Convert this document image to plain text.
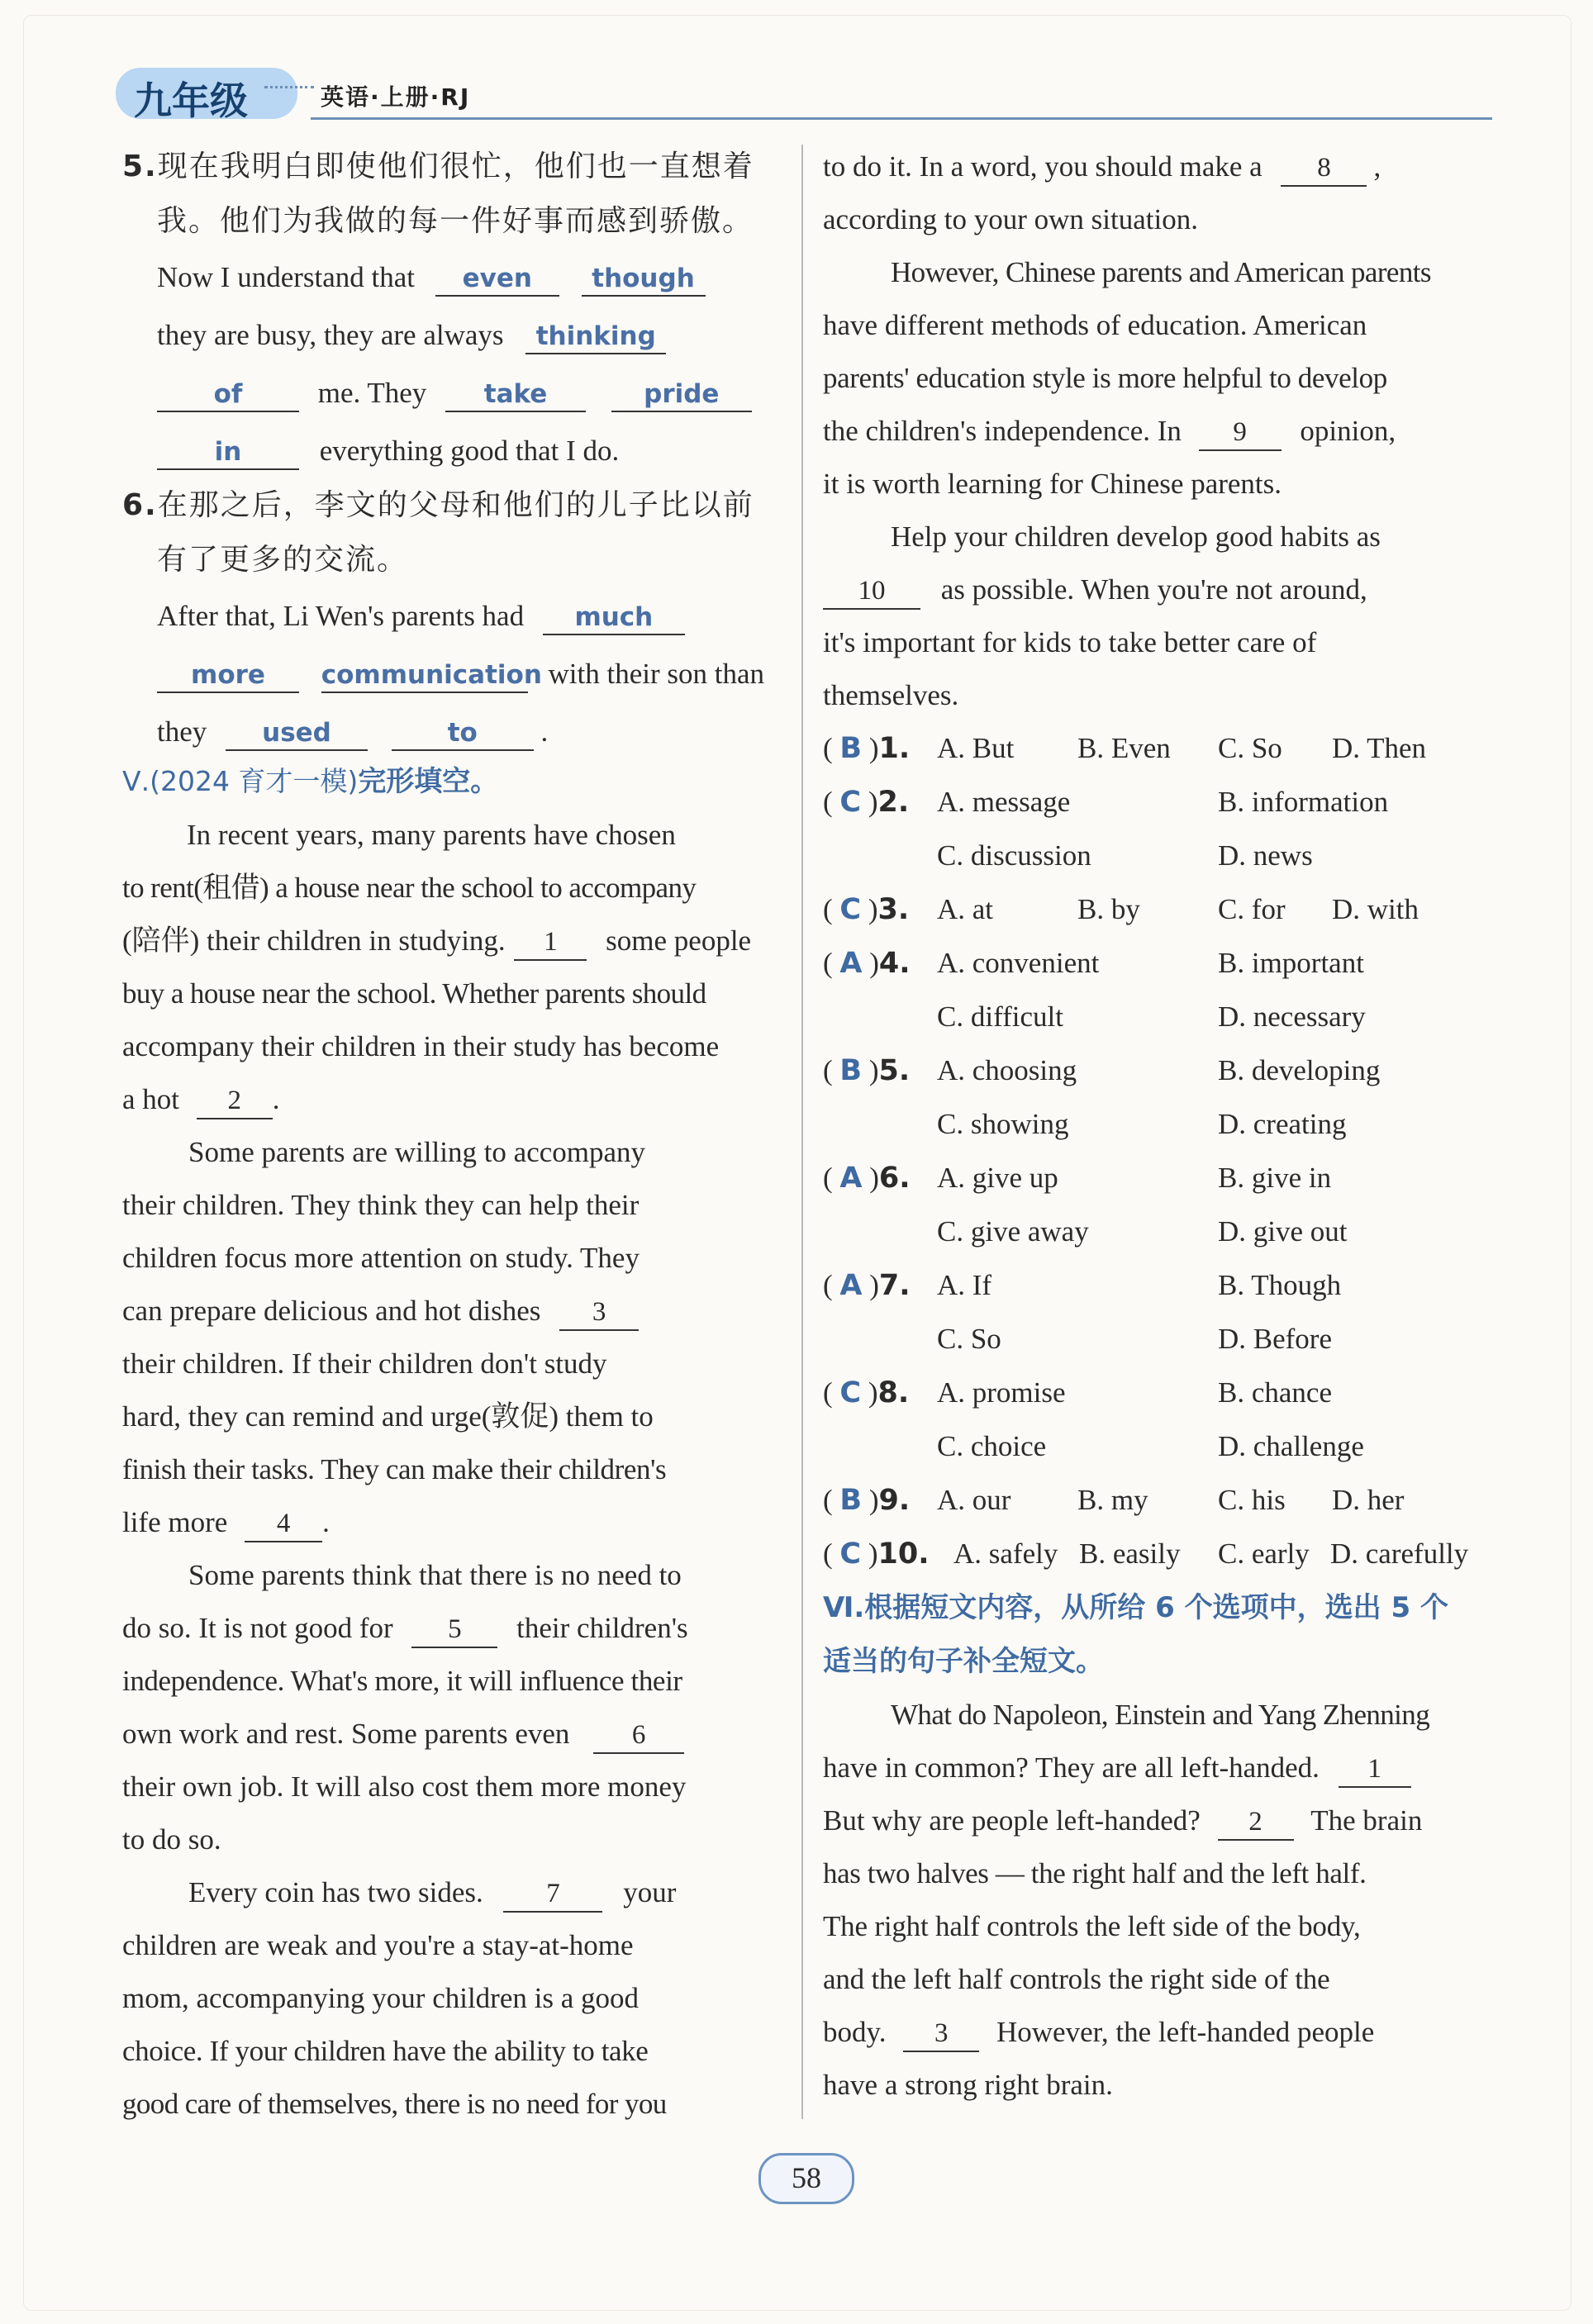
九年级	英语·上册·RJ
5.现在我明白即使他们很忙，他们也一直想着
我。他们为我做的每一件好事而感到骄傲。
Now I understand that even though
they are busy, they are always thinking
of	me. They take	pride
in	everything good that I do.
6.在那之后，李文的父母和他们的儿子比以前
有了更多的交流。
After that, Li Wen's parents had much
more communication with their son than
they used	to .
Ⅴ.(2024 育才一模)完形填空。
In recent years, many parents have chosen
to rent(租借) a house near the school to accompany
(陪伴) their children in studying. 1 some people
buy a house near the school. Whether parents should
accompany their children in their study has become
a hot 2 .
Some parents are willing to accompany
their children. They think they can help their
children focus more attention on study. They
can prepare delicious and hot dishes 3
their children. If their children don't study
hard, they can remind and urge(敦促) them to
finish their tasks. They can make their children's
life more 4 .
Some parents think that there is no need to
do so. It is not good for 5 their children's
independence. What's more, it will influence their
own work and rest. Some parents even 6
their own job. It will also cost them more money
to do so.
Every coin has two sides. 7 your
children are weak and you're a stay-at-home
mom, accompanying your children is a good
choice. If your children have the ability to take
good care of themselves, there is no need for you
to do it. In a word, you should make a 8 ,
according to your own situation.
However, Chinese parents and American parents
have different methods of education. American
parents' education style is more helpful to develop
the children's independence. In 9 opinion,
it is worth learning for Chinese parents.
Help your children develop good habits as
10 as possible. When you're not around,
it's important for kids to take better care of
themselves.
( B )1. A. But B. Even C. So D. Then
( C )2. A. message	B. information
C. discussion	D. news
( C )3. A. at	B. by	C. for D. with
( A )4. A. convenient	B. important
C. difficult	D. necessary
( B )5. A. choosing	B. developing
C. showing	D. creating
( A )6. A. give up	B. give in
C. give away	D. give out
( A )7. A. If	B. Though
C. So	D. Before
( C )8. A. promise	B. chance
C. choice	D. challenge
( B )9. A. our B. my C. his D. her
( C )10. A. safely B. easily C. early D. carefully
Ⅵ.根据短文内容，从所给 6 个选项中，选出 5 个
适当的句子补全短文。
What do Napoleon, Einstein and Yang Zhenning
have in common? They are all left-handed. 1
But why are people left-handed? 2 The brain
has two halves — the right half and the left half.
The right half controls the left side of the body,
and the left half controls the right side of the
body. 3 However, the left-handed people
have a strong right brain.
58
